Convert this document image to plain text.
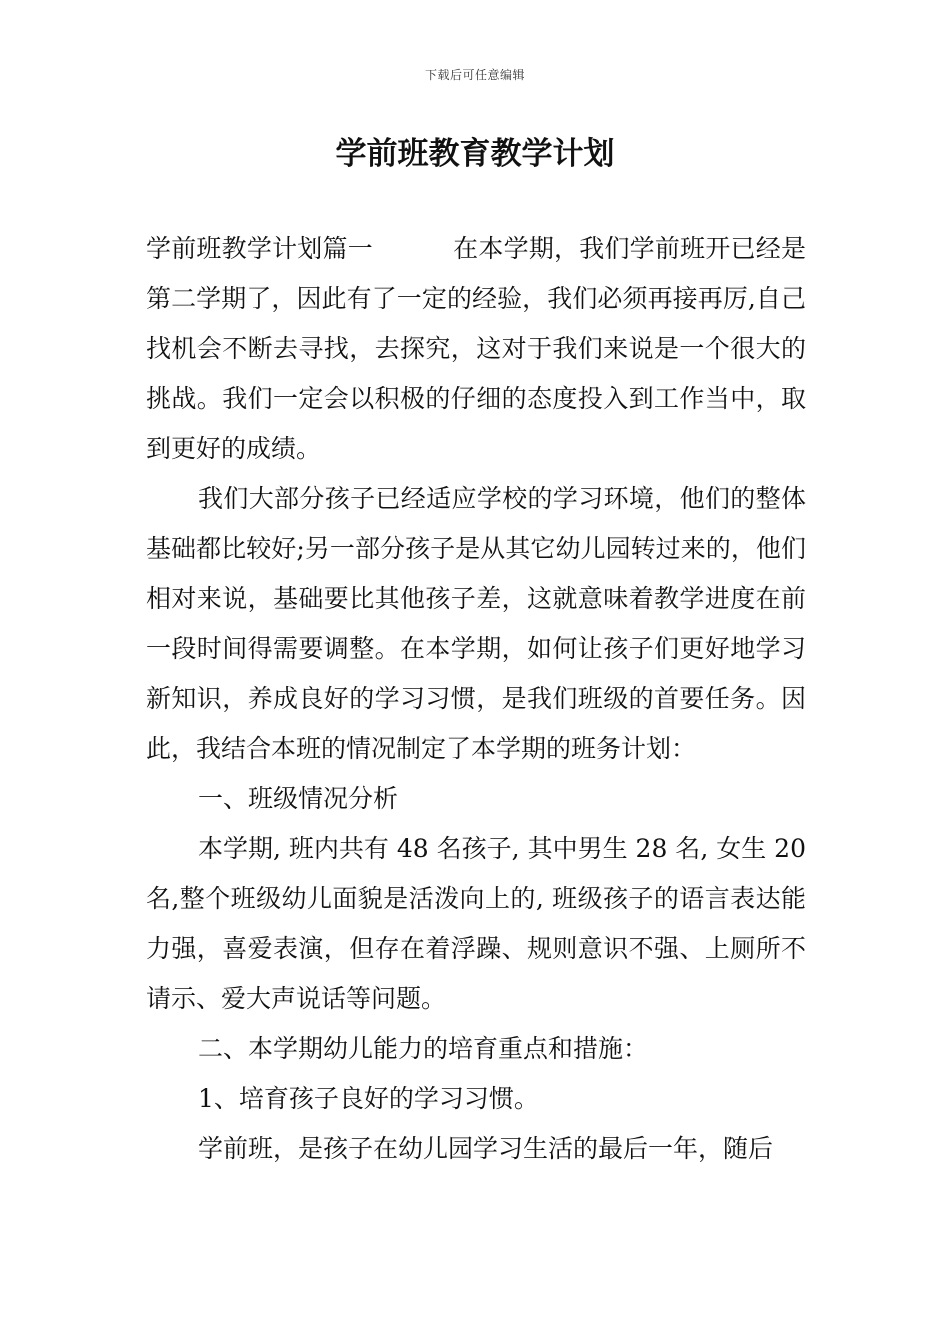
下载后可任意编辑
学前班教育教学计划

学前班教学计划篇一	在本学期，我们学前班开已经是第二学期了，因此有了一定的经验，我们必须再接再厉,自己找机会不断去寻找，去探究，这对于我们来说是一个很大的挑战。我们一定会以积极的仔细的态度投入到工作当中，取到更好的成绩。

我们大部分孩子已经适应学校的学习环境，他们的整体基础都比较好;另一部分孩子是从其它幼儿园转过来的，他们相对来说，基础要比其他孩子差，这就意味着教学进度在前一段时间得需要调整。在本学期，如何让孩子们更好地学习新知识，养成良好的学习习惯，是我们班级的首要任务。因此，我结合本班的情况制定了本学期的班务计划：

一、班级情况分析

本学期, 班内共有 48 名孩子, 其中男生 28 名, 女生 20 名,整个班级幼儿面貌是活泼向上的, 班级孩子的语言表达能力强，喜爱表演，但存在着浮躁、规则意识不强、上厕所不请示、爱大声说话等问题。

二、本学期幼儿能力的培育重点和措施：

1、培育孩子良好的学习习惯。

学前班，是孩子在幼儿园学习生活的最后一年，随后
